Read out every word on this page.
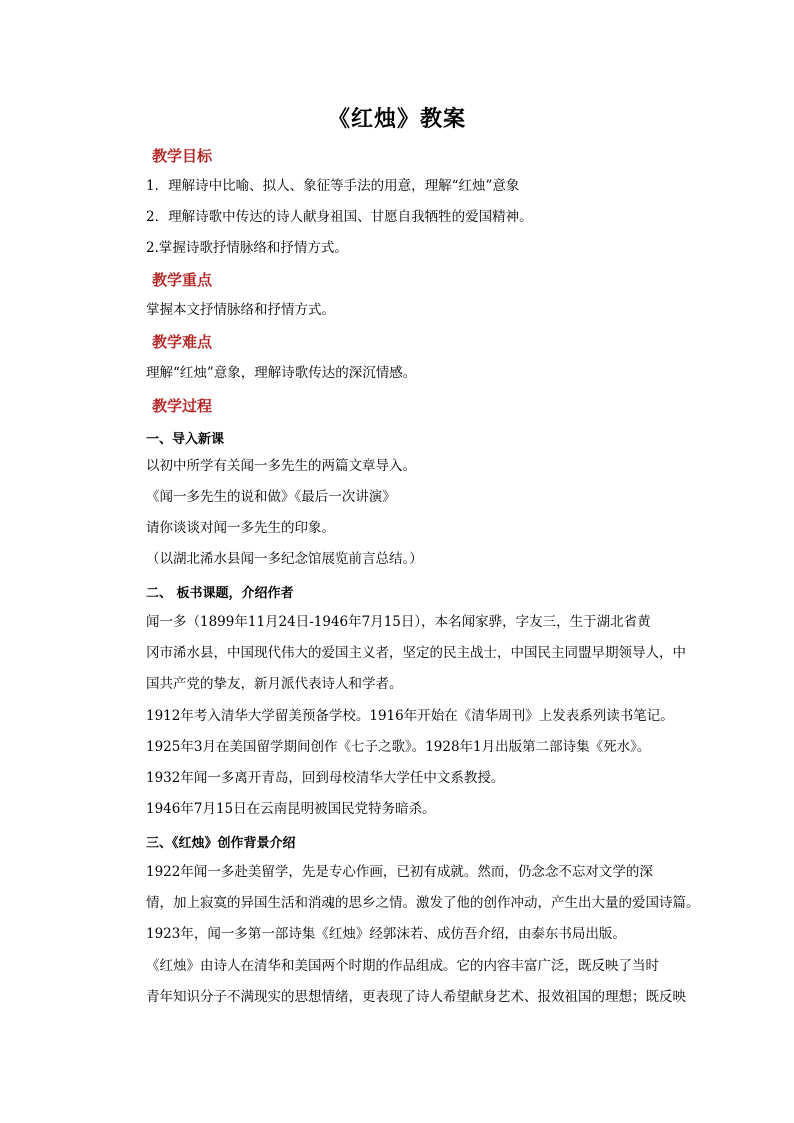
《红烛》教案
教学目标
1．理解诗中比喻、拟人、象征等手法的用意，理解“红烛”意象
2．理解诗歌中传达的诗人献身祖国、甘愿自我牺牲的爱国精神。
2.掌握诗歌抒情脉络和抒情方式。
教学重点
掌握本文抒情脉络和抒情方式。
教学难点
理解“红烛”意象，理解诗歌传达的深沉情感。
教学过程
一、导入新课
以初中所学有关闻一多先生的两篇文章导入。
《闻一多先生的说和做》《最后一次讲演》
请你谈谈对闻一多先生的印象。
（以湖北浠水县闻一多纪念馆展览前言总结。）
二、 板书课题，介绍作者
闻一多（1899年11月24日-1946年7月15日），本名闻家骅，字友三，生于湖北省黄
冈市浠水县，中国现代伟大的爱国主义者，坚定的民主战士，中国民主同盟早期领导人，中
国共产党的挚友，新月派代表诗人和学者。
1912年考入清华大学留美预备学校。1916年开始在《清华周刊》上发表系列读书笔记。
1925年3月在美国留学期间创作《七子之歌》。1928年1月出版第二部诗集《死水》。
1932年闻一多离开青岛，回到母校清华大学任中文系教授。
1946年7月15日在云南昆明被国民党特务暗杀。
三、《红烛》创作背景介绍
1922年闻一多赴美留学，先是专心作画，已初有成就。然而，仍念念不忘对文学的深
情，加上寂寞的异国生活和消魂的思乡之情。激发了他的创作冲动，产生出大量的爱国诗篇。
1923年，闻一多第一部诗集《红烛》经郭沫若、成仿吾介绍，由泰东书局出版。
《红烛》由诗人在清华和美国两个时期的作品组成。它的内容丰富广泛，既反映了当时
青年知识分子不满现实的思想情绪，更表现了诗人希望献身艺术、报效祖国的理想；既反映
